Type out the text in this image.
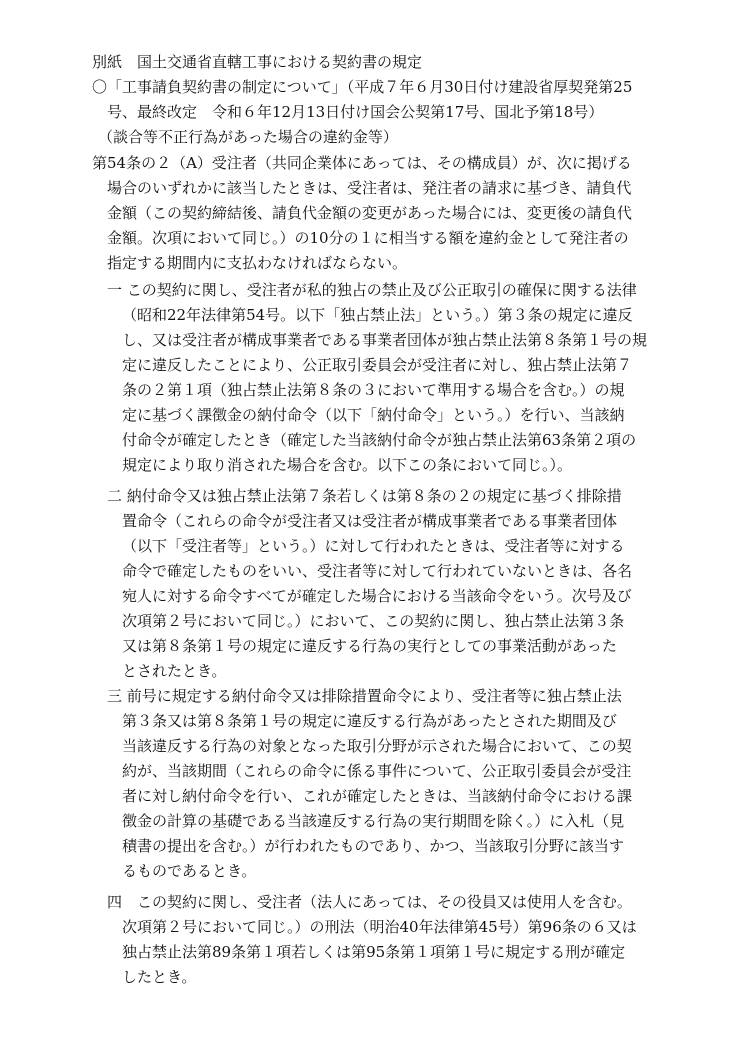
別紙　国土交通省直轄工事における契約書の規定
〇「工事請負契約書の制定について」（平成７年６月30日付け建設省厚契発第25
号、最終改定　令和６年12月13日付け国会公契第17号、国北予第18号）
（談合等不正行為があった場合の違約金等）
第54条の２（A）受注者（共同企業体にあっては、その構成員）が、次に掲げる
場合のいずれかに該当したときは、受注者は、発注者の請求に基づき、請負代
金額（この契約締結後、請負代金額の変更があった場合には、変更後の請負代
金額。次項において同じ。）の10分の１に相当する額を違約金として発注者の
指定する期間内に支払わなければならない。
一 この契約に関し、受注者が私的独占の禁止及び公正取引の確保に関する法律
（昭和22年法律第54号。以下「独占禁止法」という。）第３条の規定に違反
し、又は受注者が構成事業者である事業者団体が独占禁止法第８条第１号の規
定に違反したことにより、公正取引委員会が受注者に対し、独占禁止法第７
条の２第１項（独占禁止法第８条の３において準用する場合を含む。）の規
定に基づく課徴金の納付命令（以下「納付命令」という。）を行い、当該納
付命令が確定したとき（確定した当該納付命令が独占禁止法第63条第２項の
規定により取り消された場合を含む。以下この条において同じ。）。
二 納付命令又は独占禁止法第７条若しくは第８条の２の規定に基づく排除措
置命令（これらの命令が受注者又は受注者が構成事業者である事業者団体
（以下「受注者等」という。）に対して行われたときは、受注者等に対する
命令で確定したものをいい、受注者等に対して行われていないときは、各名
宛人に対する命令すべてが確定した場合における当該命令をいう。次号及び
次項第２号において同じ。）において、この契約に関し、独占禁止法第３条
又は第８条第１号の規定に違反する行為の実行としての事業活動があった
とされたとき。
三 前号に規定する納付命令又は排除措置命令により、受注者等に独占禁止法
第３条又は第８条第１号の規定に違反する行為があったとされた期間及び
当該違反する行為の対象となった取引分野が示された場合において、この契
約が、当該期間（これらの命令に係る事件について、公正取引委員会が受注
者に対し納付命令を行い、これが確定したときは、当該納付命令における課
徴金の計算の基礎である当該違反する行為の実行期間を除く。）に入札（見
積書の提出を含む。）が行われたものであり、かつ、当該取引分野に該当す
るものであるとき。
四　この契約に関し、受注者（法人にあっては、その役員又は使用人を含む。
次項第２号において同じ。）の刑法（明治40年法律第45号）第96条の６又は
独占禁止法第89条第１項若しくは第95条第１項第１号に規定する刑が確定
したとき。
